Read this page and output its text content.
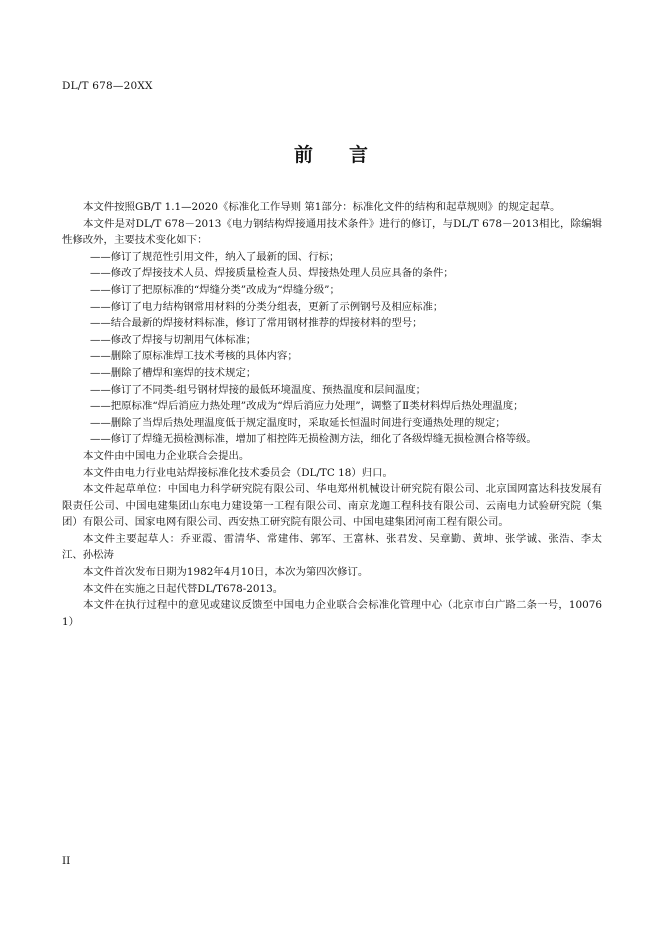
DL/T 678—20XX
前 言

本文件按照GB/T 1.1—2020《标准化工作导则 第1部分：标准化文件的结构和起草规则》的规定起草。

本文件是对DL/T 678－2013《电力钢结构焊接通用技术条件》进行的修订，与DL/T 678－2013相比，除编辑性修改外，主要技术变化如下：

——修订了规范性引用文件，纳入了最新的国、行标；

——修改了焊接技术人员、焊接质量检查人员、焊接热处理人员应具备的条件；

——修订了把原标准的“焊缝分类”改成为“焊缝分级”；

——修订了电力结构钢常用材料的分类分组表，更新了示例钢号及相应标准；

——结合最新的焊接材料标准，修订了常用钢材推荐的焊接材料的型号；

——修改了焊接与切割用气体标准；

——删除了原标准焊工技术考核的具体内容；

——删除了槽焊和塞焊的技术规定；

——修订了不同类-组号钢材焊接的最低环境温度、预热温度和层间温度；

——把原标准“焊后消应力热处理”改成为“焊后消应力处理”，调整了Ⅱ类材料焊后热处理温度；

——删除了当焊后热处理温度低于规定温度时，采取延长恒温时间进行变通热处理的规定；

——修订了焊缝无损检测标准，增加了相控阵无损检测方法，细化了各级焊缝无损检测合格等级。

本文件由中国电力企业联合会提出。

本文件由电力行业电站焊接标准化技术委员会（DL/TC 18）归口。

本文件起草单位：中国电力科学研究院有限公司、华电郑州机械设计研究院有限公司、北京国网富达科技发展有限责任公司、中国电建集团山东电力建设第一工程有限公司、南京龙迦工程科技有限公司、云南电力试验研究院（集团）有限公司、国家电网有限公司、西安热工研究院有限公司、中国电建集团河南工程有限公司。

本文件主要起草人：乔亚霞、雷清华、常建伟、郭军、王富林、张君发、吴章勤、黄坤、张学诚、张浩、李太江、孙松涛

本文件首次发布日期为1982年4月10日，本次为第四次修订。

本文件在实施之日起代替DL/T678-2013。

本文件在执行过程中的意见或建议反馈至中国电力企业联合会标准化管理中心（北京市白广路二条一号，100761）

II
